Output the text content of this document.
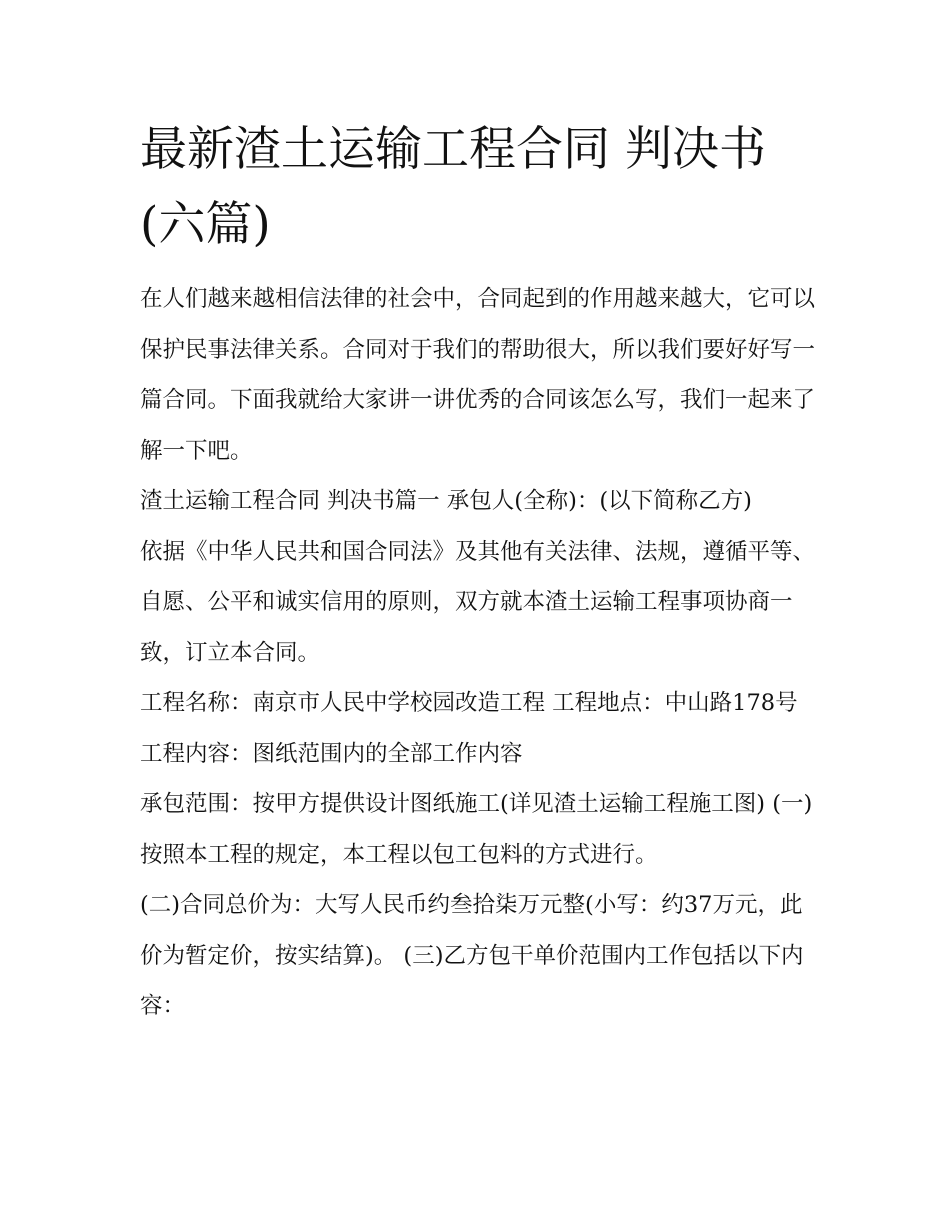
最新渣土运输工程合同 判决书(六篇)

在人们越来越相信法律的社会中，合同起到的作用越来越大，它可以保护民事法律关系。合同对于我们的帮助很大，所以我们要好好写一篇合同。下面我就给大家讲一讲优秀的合同该怎么写，我们一起来了解一下吧。

渣土运输工程合同 判决书篇一 承包人(全称)：(以下简称乙方)

依据《中华人民共和国合同法》及其他有关法律、法规，遵循平等、自愿、公平和诚实信用的原则，双方就本渣土运输工程事项协商一致，订立本合同。

工程名称：南京市人民中学校园改造工程 工程地点：中山路178号 工程内容：图纸范围内的全部工作内容

承包范围：按甲方提供设计图纸施工(详见渣土运输工程施工图) (一)按照本工程的规定，本工程以包工包料的方式进行。

(二)合同总价为：大写人民币约叁拾柒万元整(小写：约37万元，此价为暂定价，按实结算)。 (三)乙方包干单价范围内工作包括以下内容：
